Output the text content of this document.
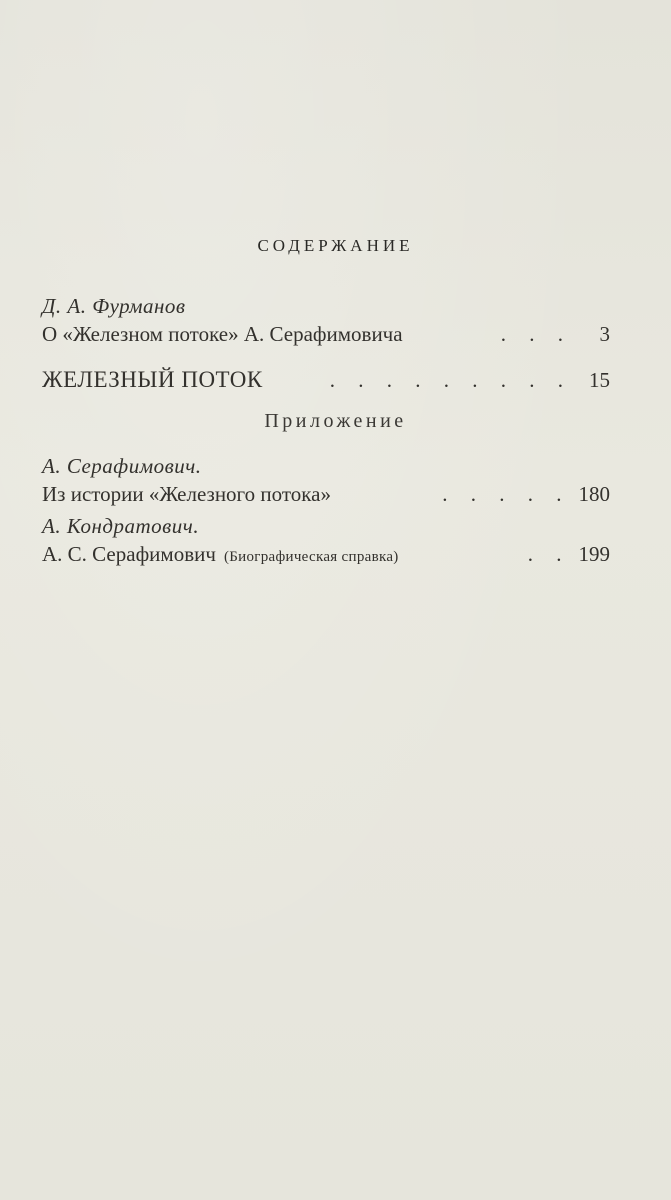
СОДЕРЖАНИЕ
Д. А. Фурманов
О «Железном потоке» А. Серафимовича	. . .	3
ЖЕЛЕЗНЫЙ ПОТОК	. . . . . . . . . 15
Приложение
А. Серафимович.
Из истории «Железного потока»	. . . . . 180
А. Кондратович.
А. С. Серафимович (Биографическая справка)	. . 199
